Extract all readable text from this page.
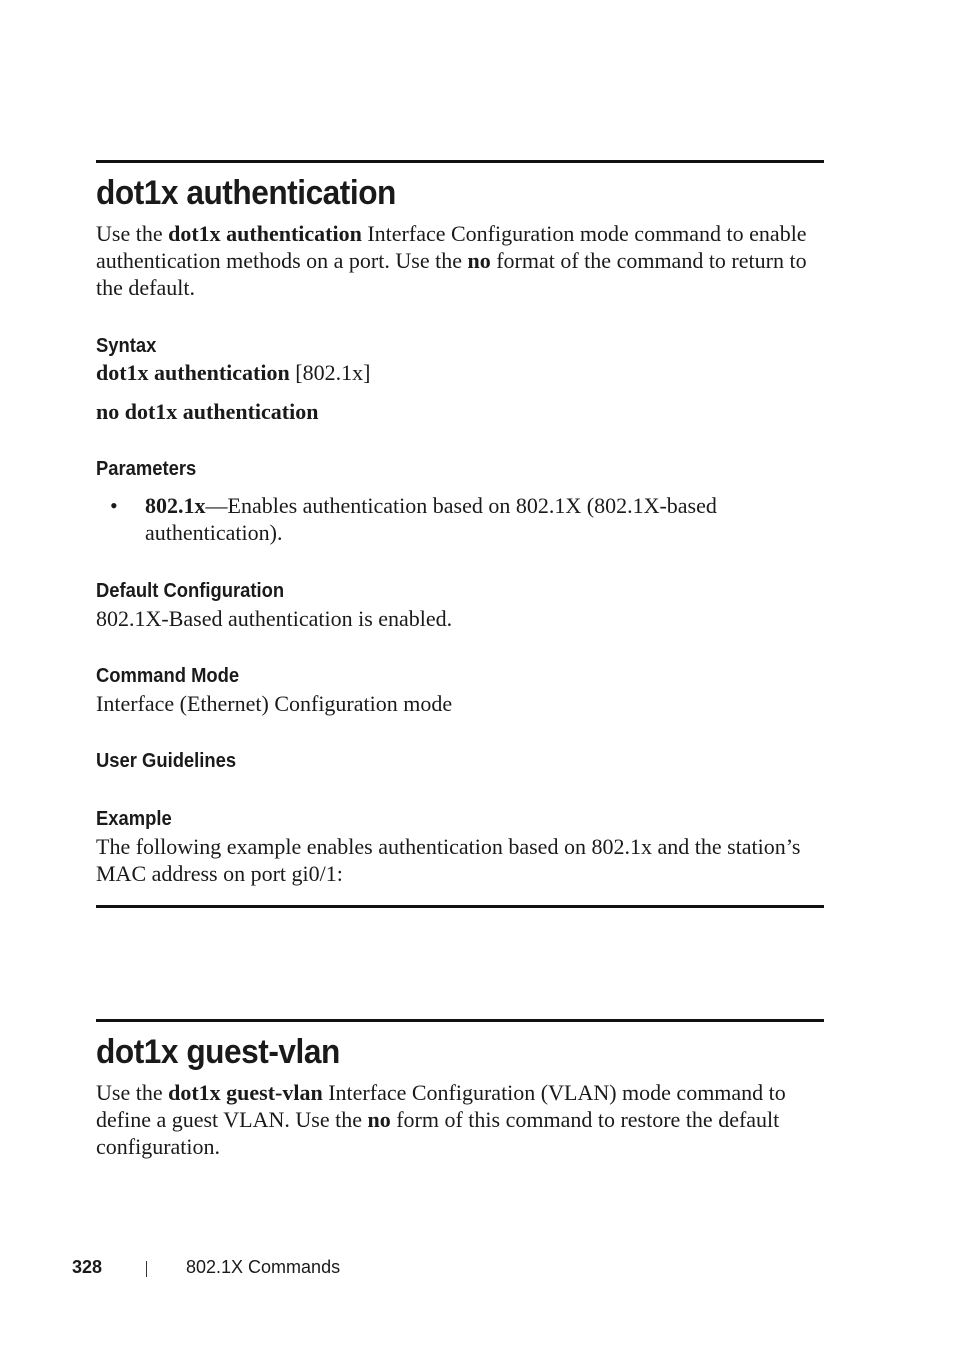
dot1x authentication

Use the dot1x authentication Interface Configuration mode command to enable authentication methods on a port. Use the no format of the command to return to the default.

Syntax

dot1x authentication [802.1x]

no dot1x authentication

Parameters
• 802.1x—Enables authentication based on 802.1X (802.1X-based authentication).

Default Configuration

802.1X-Based authentication is enabled.

Command Mode

Interface (Ethernet) Configuration mode

User Guidelines
Example

The following example enables authentication based on 802.1x and the station’s MAC address on port gi0/1:

dot1x guest-vlan

Use the dot1x guest-vlan Interface Configuration (VLAN) mode command to define a guest VLAN. Use the no form of this command to restore the default configuration.

328	802.1X Commands
